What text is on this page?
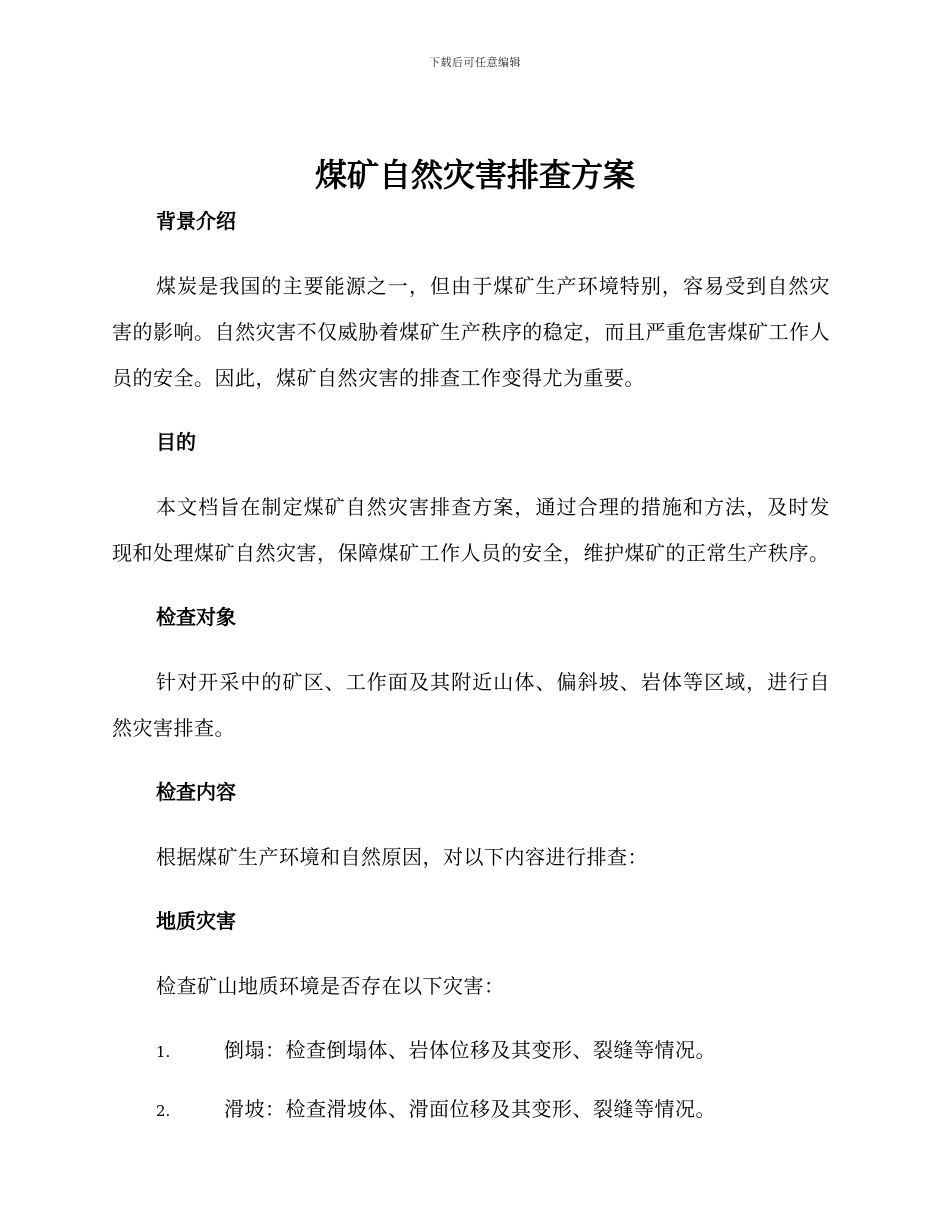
下载后可任意编辑
煤矿自然灾害排查方案
背景介绍

煤炭是我国的主要能源之一，但由于煤矿生产环境特别，容易受到自然灾害的影响。自然灾害不仅威胁着煤矿生产秩序的稳定，而且严重危害煤矿工作人员的安全。因此，煤矿自然灾害的排查工作变得尤为重要。

目的

本文档旨在制定煤矿自然灾害排查方案，通过合理的措施和方法，及时发现和处理煤矿自然灾害，保障煤矿工作人员的安全，维护煤矿的正常生产秩序。

检查对象

针对开采中的矿区、工作面及其附近山体、偏斜坡、岩体等区域，进行自然灾害排查。

检查内容

根据煤矿生产环境和自然原因，对以下内容进行排查：

地质灾害

检查矿山地质环境是否存在以下灾害：

1.	倒塌：检查倒塌体、岩体位移及其变形、裂缝等情况。
2.	滑坡：检查滑坡体、滑面位移及其变形、裂缝等情况。
